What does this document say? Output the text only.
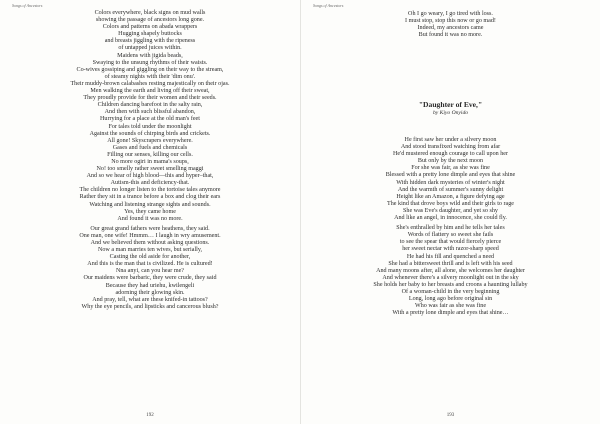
Songs of Ancestors
Colors everywhere, black signs on mud walls
showing the passage of ancestors long gone.
Colors and patterns on abada wrappers
Hugging shapely buttocks
and breasts jiggling with the ripeness
of untapped juices within.
Maidens with jigida beads,
Swaying to the unsung rhythms of their waists.
Co-wives gossiping and giggling on their way to the stream,
of steamy nights with their 'dim onu'.
Their muddy-brown calabashes resting majestically on their ojas.
Men walking the earth and living off their sweat,
They proudly provide for their women and their seeds.
Children dancing barefoot in the salty rain,
And then with such blissful abandon,
Hurrying for a place at the old man's feet
For tales told under the moonlight
Against the sounds of chirping birds and crickets.
All gone! Skyscrapers everywhere.
Gases and fuels and chemicals
Filling our senses, killing our cells.
No more ogiri in mama's soups,
No! too smelly rather sweet smelling maggi
And so we hear of high blood—this and hyper–that,
Autism-this and deficiency-that.
The children no longer listen to the tortoise tales anymore
Rather they sit in a trance before a box and clog their ears
Watching and listening strange sights and sounds.
Yes, they came home
And found it was no more.
Our great grand fathers were heathens, they said.
One man, one wife! Hmmm… I laugh in wry amusement.
And we believed them without asking questions.
Now a man marries ten wives, but serially,
Casting the old aside for another,
And this is the man that is civilized. He is cultured!
Nna anyi, can you hear me?
Our maidens were barbaric, they were crude, they said
Because they had uriehu, kwilengeli
adorning their glowing skin.
And pray, tell, what are these knifed-in tattoos?
Why the eye pencils, and lipsticks and cancerous blush?
192
Songs of Ancestors
Oh I go weary, I go tired with loss.
I must stop, stop this now or go mad!
Indeed, my ancestors came
But found it was no more.
"Daughter of Eve,"
by Kiyo Onyido
He first saw her under a silvery moon
And stood transfixed watching from afar
He'd mustered enough courage to call upon her
But only by the next moon
For she was fair, as she was fine
Blessed with a pretty lone dimple and eyes that shine
With hidden dark mysteries of winter's night
And the warmth of summer's sunny delight
Height like an Amazon, a figure defying age
The kind that drove boys wild and their girls to rage
She was Eve's daughter, and yet so shy
And like an angel, in innocence, she could fly.
She's enthralled by him and he tells her tales
Words of flattery so sweet she fails
to see the spear that would fiercely pierce
her sweet nectar with razor-sharp speed
He had his fill and quenched a need
She had a bittersweet thrill and is left with his seed
And many moons after, all alone, she welcomes her daughter
And whenever there's a silvery moonlight out in the sky
She holds her baby to her breasts and croons a haunting lullaby
Of a woman-child in the very beginning
Long, long ago before original sin
Who was fair as she was fine
With a pretty lone dimple and eyes that shine…
193
